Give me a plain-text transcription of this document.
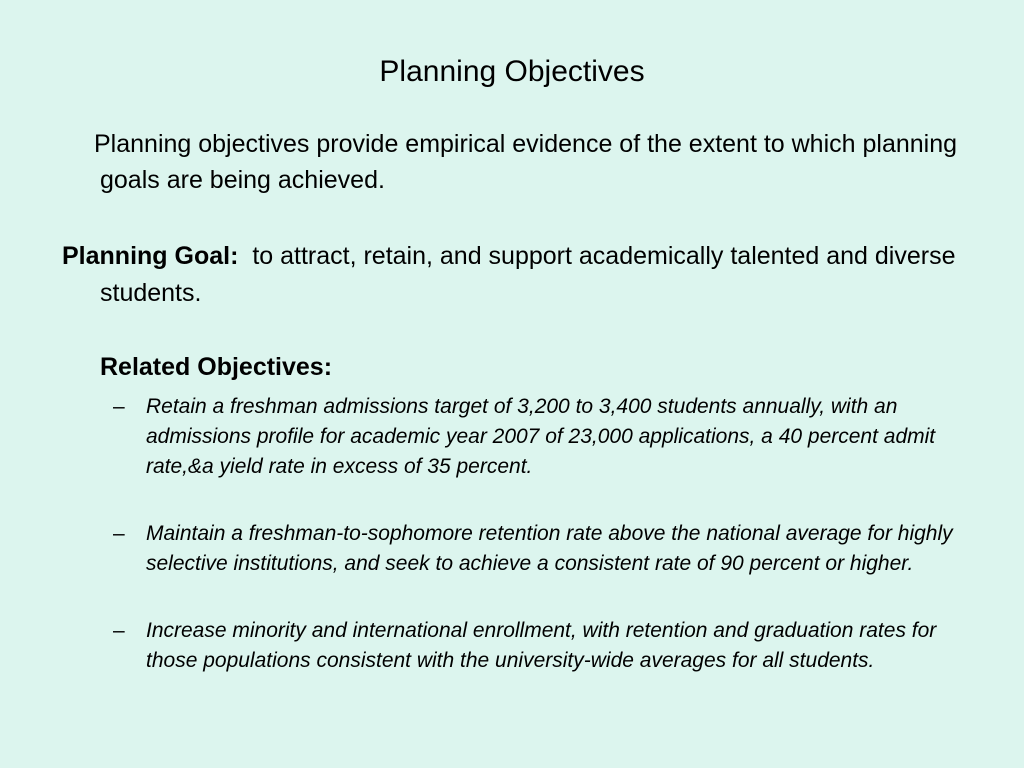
Planning Objectives
Planning objectives provide empirical evidence of the extent to which planning goals are being achieved.
Planning Goal: to attract, retain, and support academically talented and diverse students.
Related Objectives:
– Retain a freshman admissions target of 3,200 to 3,400 students annually, with an admissions profile for academic year 2007 of 23,000 applications, a 40 percent admit rate,&a yield rate in excess of 35 percent.
– Maintain a freshman-to-sophomore retention rate above the national average for highly selective institutions, and seek to achieve a consistent rate of 90 percent or higher.
– Increase minority and international enrollment, with retention and graduation rates for those populations consistent with the university-wide averages for all students.
